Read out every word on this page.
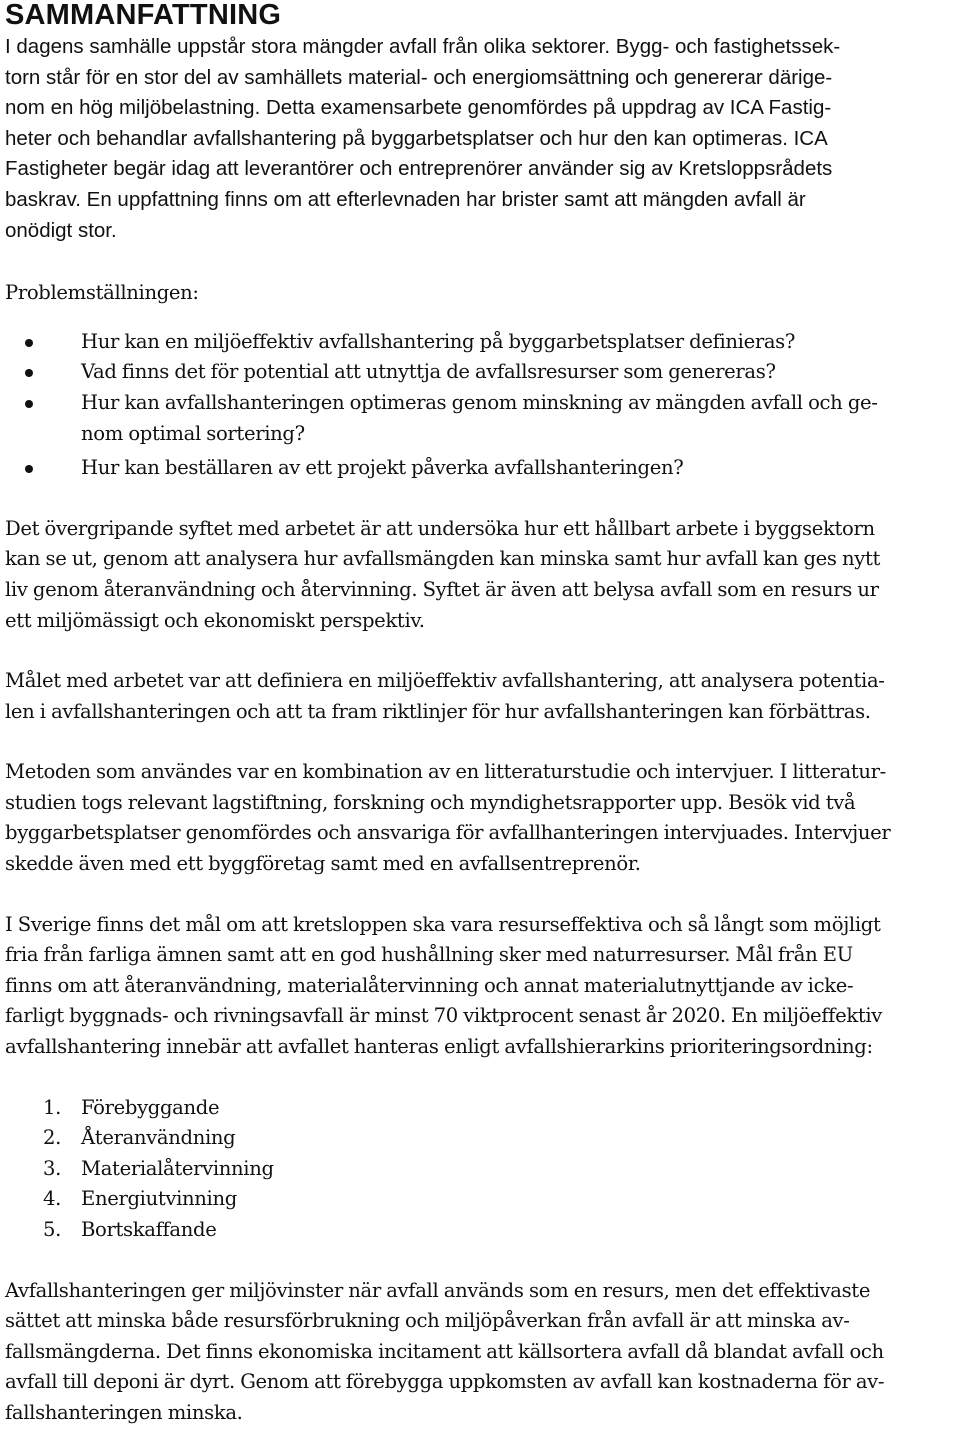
SAMMANFATTNING
I dagens samhälle uppstår stora mängder avfall från olika sektorer. Bygg- och fastighetssek-
torn står för en stor del av samhällets material- och energiomsättning och genererar därige-
nom en hög miljöbelastning. Detta examensarbete genomfördes på uppdrag av ICA Fastig-
heter och behandlar avfallshantering på byggarbetsplatser och hur den kan optimeras. ICA
Fastigheter begär idag att leverantörer och entreprenörer använder sig av Kretsloppsrådets
baskrav. En uppfattning finns om att efterlevnaden har brister samt att mängden avfall är
onödigt stor.
Problemställningen:
Hur kan en miljöeffektiv avfallshantering på byggarbetsplatser definieras?
Vad finns det för potential att utnyttja de avfallsresurser som genereras?
Hur kan avfallshanteringen optimeras genom minskning av mängden avfall och ge-
nom optimal sortering?
Hur kan beställaren av ett projekt påverka avfallshanteringen?
Det övergripande syftet med arbetet är att undersöka hur ett hållbart arbete i byggsektorn
kan se ut, genom att analysera hur avfallsmängden kan minska samt hur avfall kan ges nytt
liv genom återanvändning och återvinning. Syftet är även att belysa avfall som en resurs ur
ett miljömässigt och ekonomiskt perspektiv.
Målet med arbetet var att definiera en miljöeffektiv avfallshantering, att analysera potentia-
len i avfallshanteringen och att ta fram riktlinjer för hur avfallshanteringen kan förbättras.
Metoden som användes var en kombination av en litteraturstudie och intervjuer. I litteratur-
studien togs relevant lagstiftning, forskning och myndighetsrapporter upp. Besök vid två
byggarbetsplatser genomfördes och ansvariga för avfallhanteringen intervjuades. Intervjuer
skedde även med ett byggföretag samt med en avfallsentreprenör.
I Sverige finns det mål om att kretsloppen ska vara resurseffektiva och så långt som möjligt
fria från farliga ämnen samt att en god hushållning sker med naturresurser. Mål från EU
finns om att återanvändning, materialåtervinning och annat materialutnyttjande av icke-
farligt byggnads- och rivningsavfall är minst 70 viktprocent senast år 2020. En miljöeffektiv
avfallshantering innebär att avfallet hanteras enligt avfallshierarkins prioriteringsordning:
1. Förebyggande
2. Återanvändning
3. Materialåtervinning
4. Energiutvinning
5. Bortskaffande
Avfallshanteringen ger miljövinster när avfall används som en resurs, men det effektivaste
sättet att minska både resursförbrukning och miljöpåverkan från avfall är att minska av-
fallsmängderna. Det finns ekonomiska incitament att källsortera avfall då blandat avfall och
avfall till deponi är dyrt. Genom att förebygga uppkomsten av avfall kan kostnaderna för av-
fallshanteringen minska.
